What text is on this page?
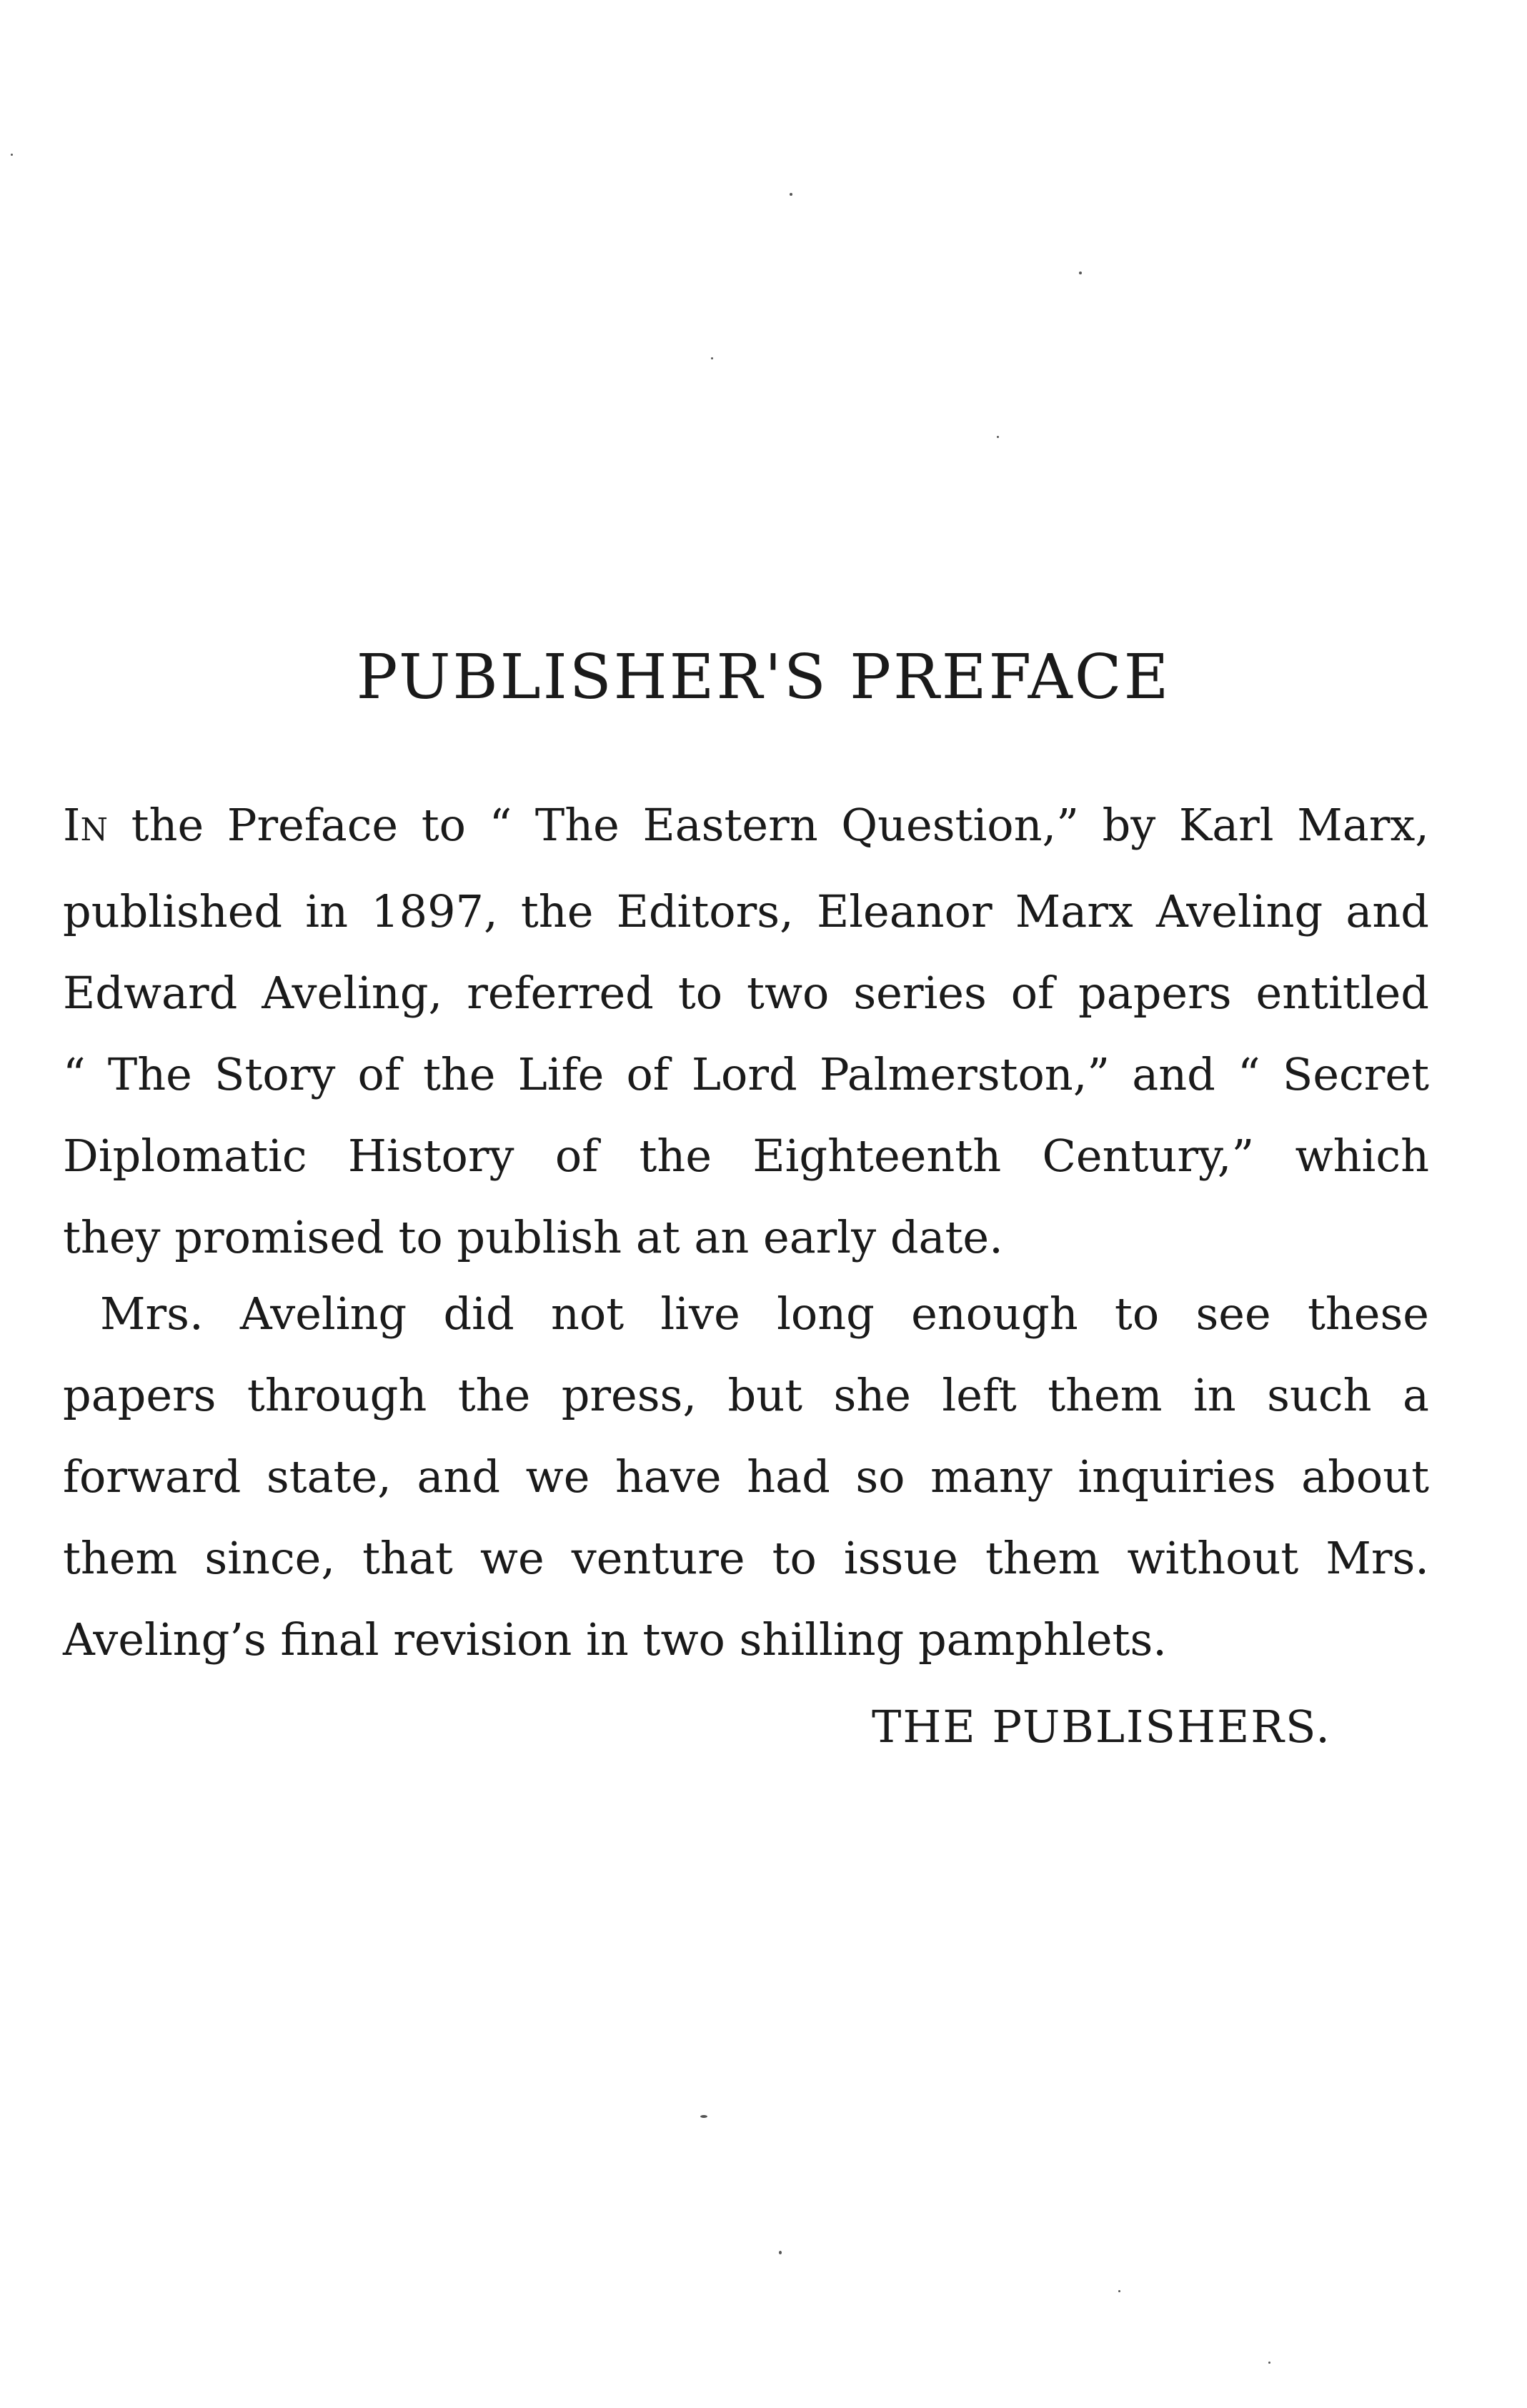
PUBLISHER'S PREFACE
IN the Preface to “ The Eastern Question,” by Karl Marx,
published in 1897, the Editors, Eleanor Marx Aveling and
Edward Aveling, referred to two series of papers entitled
“ The Story of the Life of Lord Palmerston,” and “ Secret
Diplomatic History of the Eighteenth Century,” which
they promised to publish at an early date.
Mrs. Aveling did not live long enough to see these
papers through the press, but she left them in such a
forward state, and we have had so many inquiries about
them since, that we venture to issue them without Mrs.
Aveling’s final revision in two shilling pamphlets.

THE PUBLISHERS.
